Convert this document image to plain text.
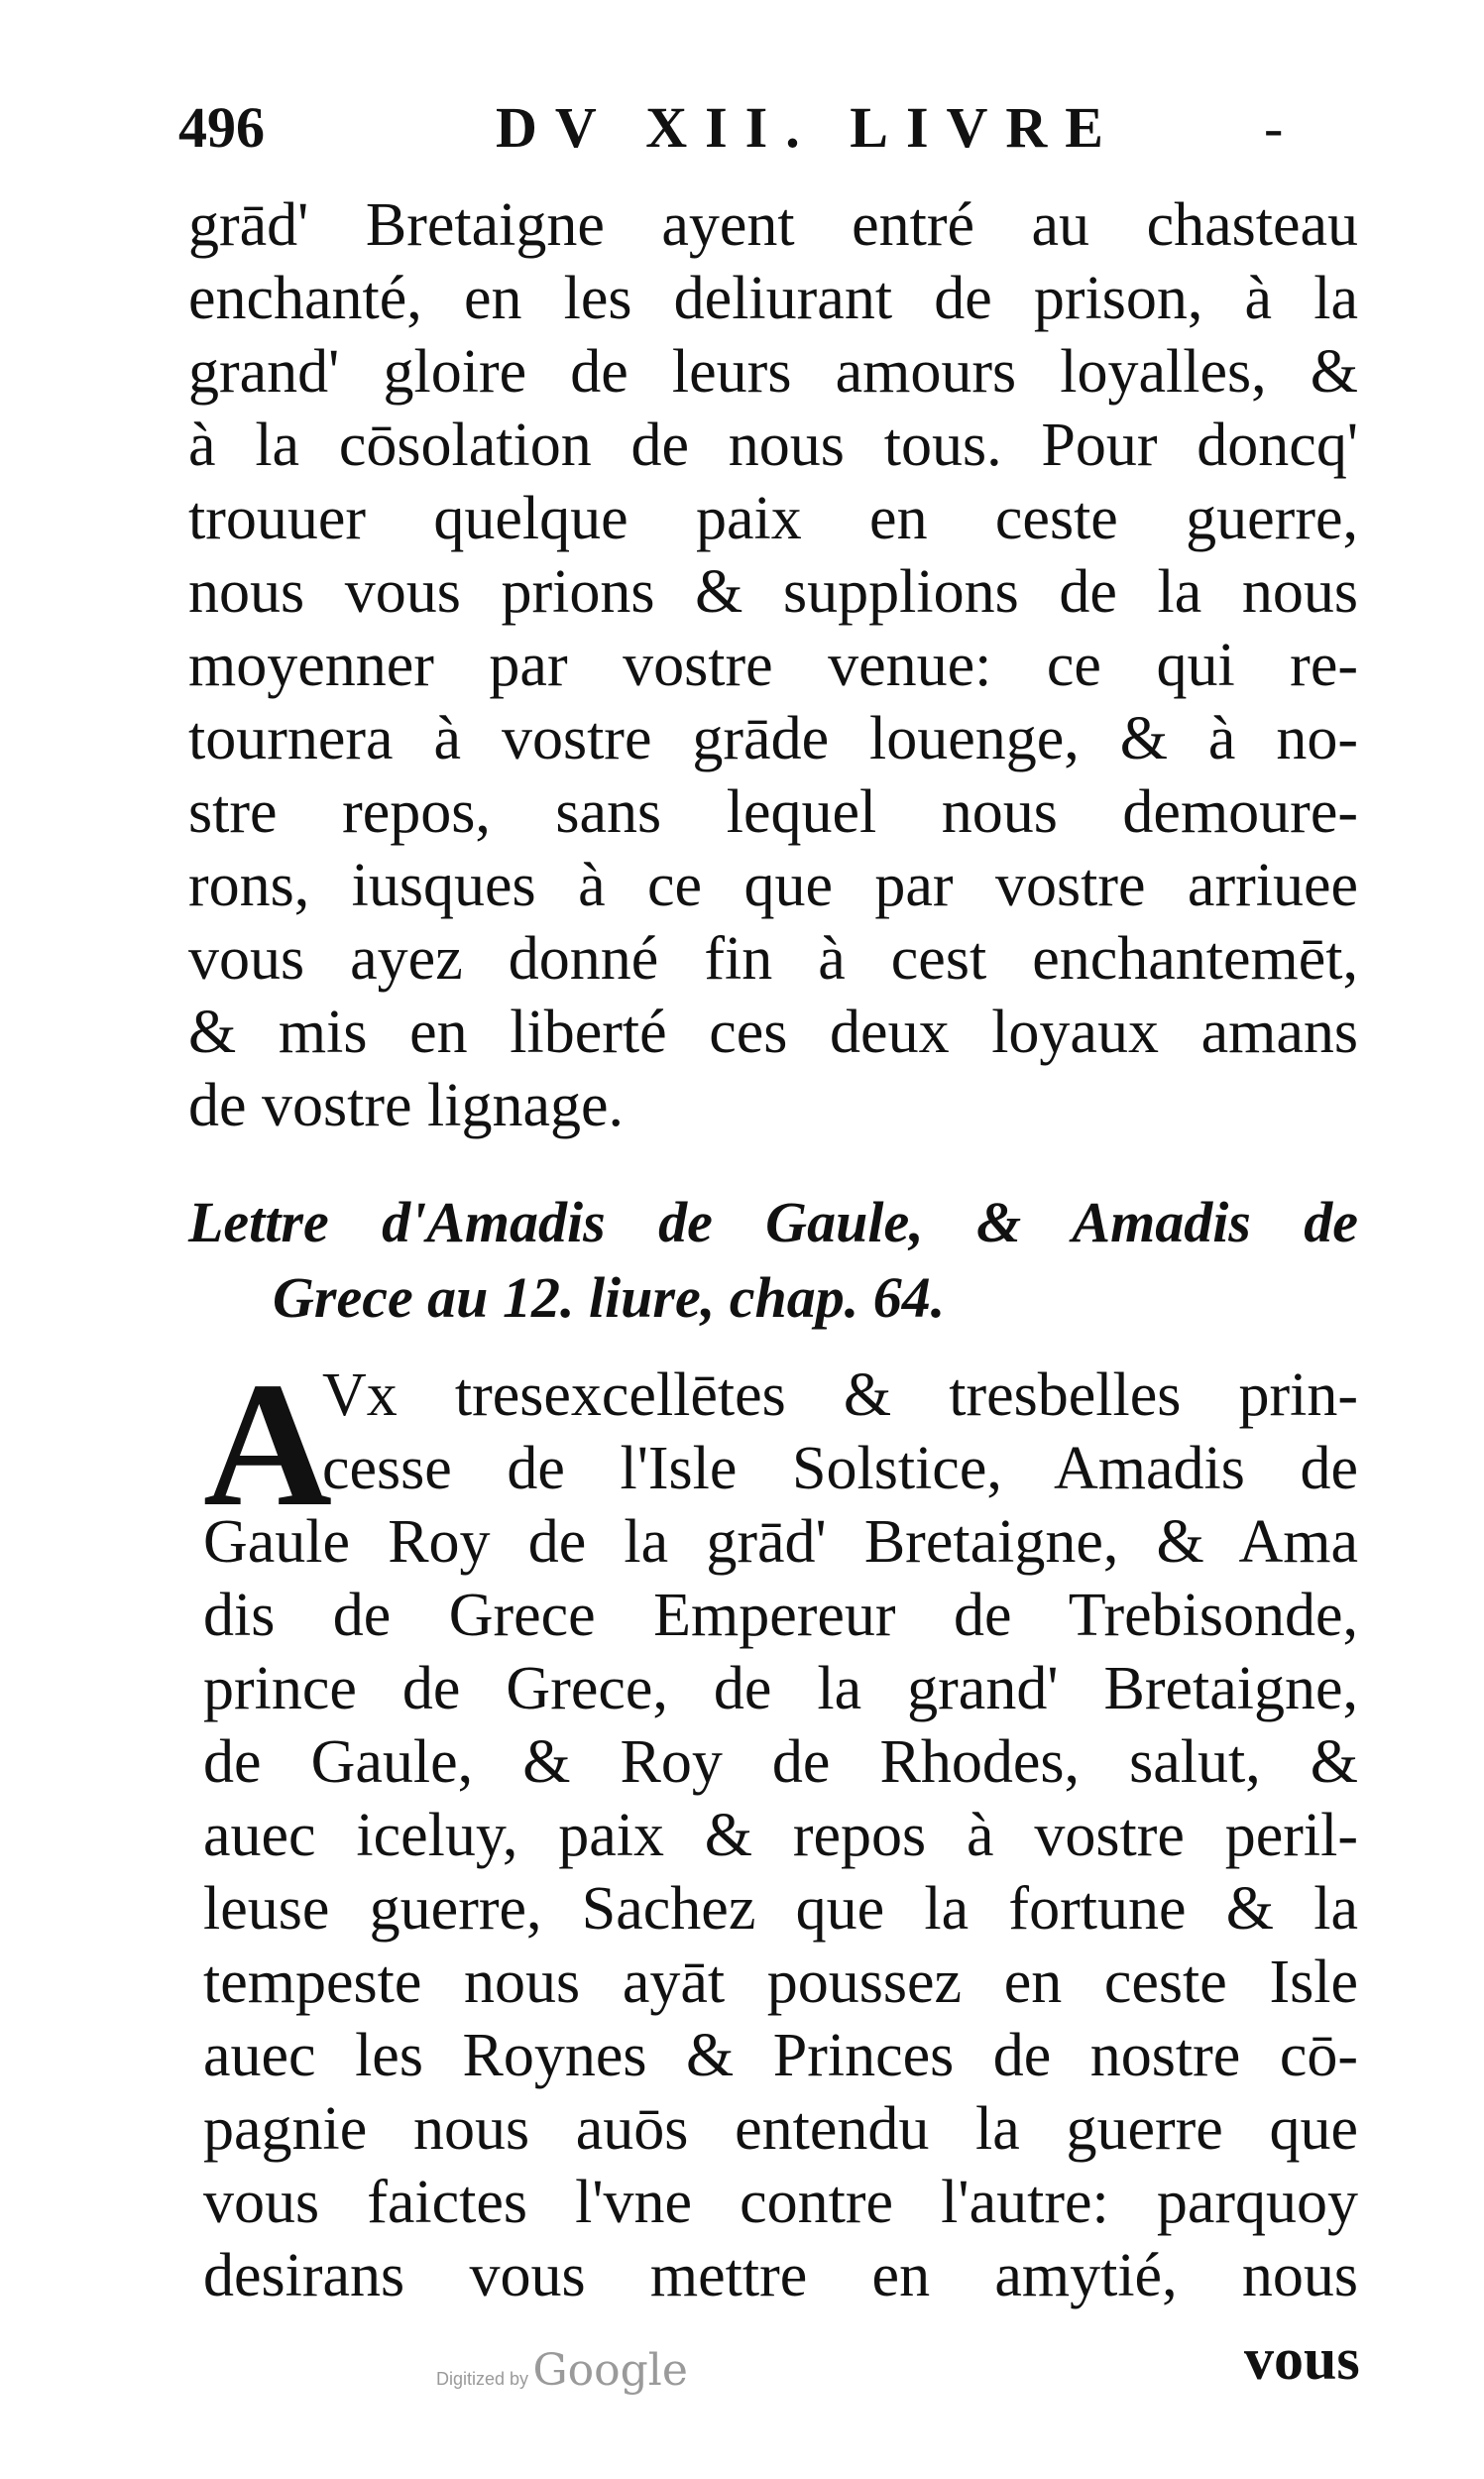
496	DV XII. LIVRE -
grād' Bretaigne ayent entré au chasteau
enchanté, en les deliurant de prison, à la
grand' gloire de leurs amours loyalles, &
à la cōsolation de nous tous. Pour doncq'
trouuer quelque paix en ceste guerre,
nous vous prions & supplions de la nous
moyenner par vostre venue: ce qui re-
tournera à vostre grāde louenge, & à no-
stre repos, sans lequel nous demoure-
rons, iusques à ce que par vostre arriuee
vous ayez donné fin à cest enchantemēt,
& mis en liberté ces deux loyaux amans
de vostre lignage.
Lettre d'Amadis de Gaule, & Amadis de
Grece au 12. liure, chap. 64.
A
Vx tresexcellētes & tresbelles prin-
cesse de l'Isle Solstice, Amadis de
Gaule Roy de la grād' Bretaigne, & Ama
dis de Grece Empereur de Trebisonde,
prince de Grece, de la grand' Bretaigne,
de Gaule, & Roy de Rhodes, salut, &
auec iceluy, paix & repos à vostre peril-
leuse guerre, Sachez que la fortune & la
tempeste nous ayāt poussez en ceste Isle
auec les Roynes & Princes de nostre cō-
pagnie nous auōs entendu la guerre que
vous faictes l'vne contre l'autre: parquoy
desirans vous mettre en amytié, nous
Digitized by Google	vous
